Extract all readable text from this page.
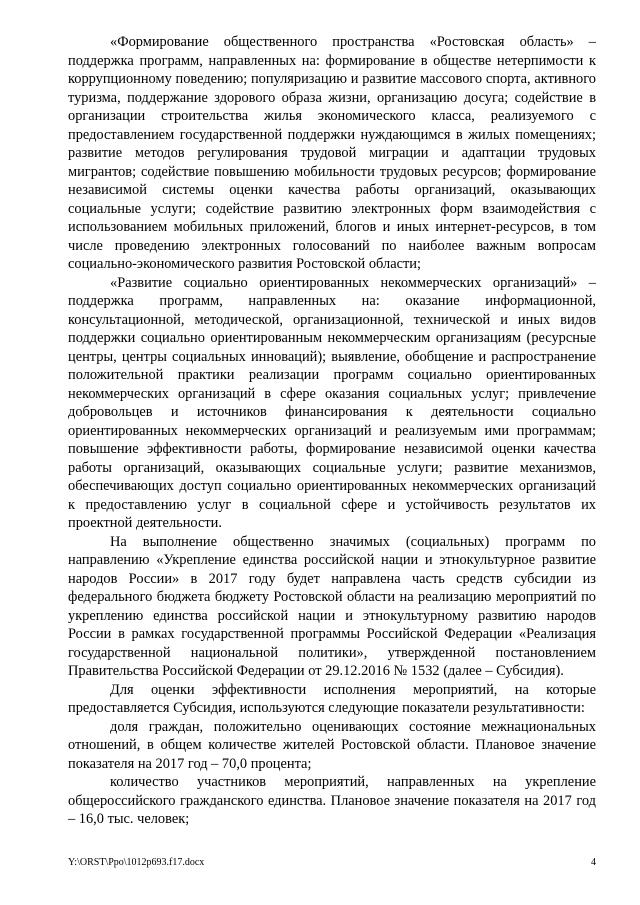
«Формирование общественного пространства «Ростовская область» – поддержка программ, направленных на: формирование в обществе нетерпимости к коррупционному поведению; популяризацию и развитие массового спорта, активного туризма, поддержание здорового образа жизни, организацию досуга; содействие в организации строительства жилья экономического класса, реализуемого с предоставлением государственной поддержки нуждающимся в жилых помещениях; развитие методов регулирования трудовой миграции и адаптации трудовых мигрантов; содействие повышению мобильности трудовых ресурсов; формирование независимой системы оценки качества работы организаций, оказывающих социальные услуги; содействие развитию электронных форм взаимодействия с использованием мобильных приложений, блогов и иных интернет-ресурсов, в том числе проведению электронных голосований по наиболее важным вопросам социально-экономического развития Ростовской области;

«Развитие социально ориентированных некоммерческих организаций» – поддержка программ, направленных на: оказание информационной, консультационной, методической, организационной, технической и иных видов поддержки социально ориентированным некоммерческим организациям (ресурсные центры, центры социальных инноваций); выявление, обобщение и распространение положительной практики реализации программ социально ориентированных некоммерческих организаций в сфере оказания социальных услуг; привлечение добровольцев и источников финансирования к деятельности социально ориентированных некоммерческих организаций и реализуемым ими программам; повышение эффективности работы, формирование независимой оценки качества работы организаций, оказывающих социальные услуги; развитие механизмов, обеспечивающих доступ социально ориентированных некоммерческих организаций к предоставлению услуг в социальной сфере и устойчивость результатов их проектной деятельности.

На выполнение общественно значимых (социальных) программ по направлению «Укрепление единства российской нации и этнокультурное развитие народов России» в 2017 году будет направлена часть средств субсидии из федерального бюджета бюджету Ростовской области на реализацию мероприятий по укреплению единства российской нации и этнокультурному развитию народов России в рамках государственной программы Российской Федерации «Реализация государственной национальной политики», утвержденной постановлением Правительства Российской Федерации от 29.12.2016 № 1532 (далее – Субсидия).

Для оценки эффективности исполнения мероприятий, на которые предоставляется Субсидия, используются следующие показатели результативности:

доля граждан, положительно оценивающих состояние межнациональных отношений, в общем количестве жителей Ростовской области. Плановое значение показателя на 2017 год – 70,0 процента;

количество участников мероприятий, направленных на укрепление общероссийского гражданского единства. Плановое значение показателя на 2017 год – 16,0 тыс. человек;

Y:\ORST\Ppo\1012p693.f17.docx	4
